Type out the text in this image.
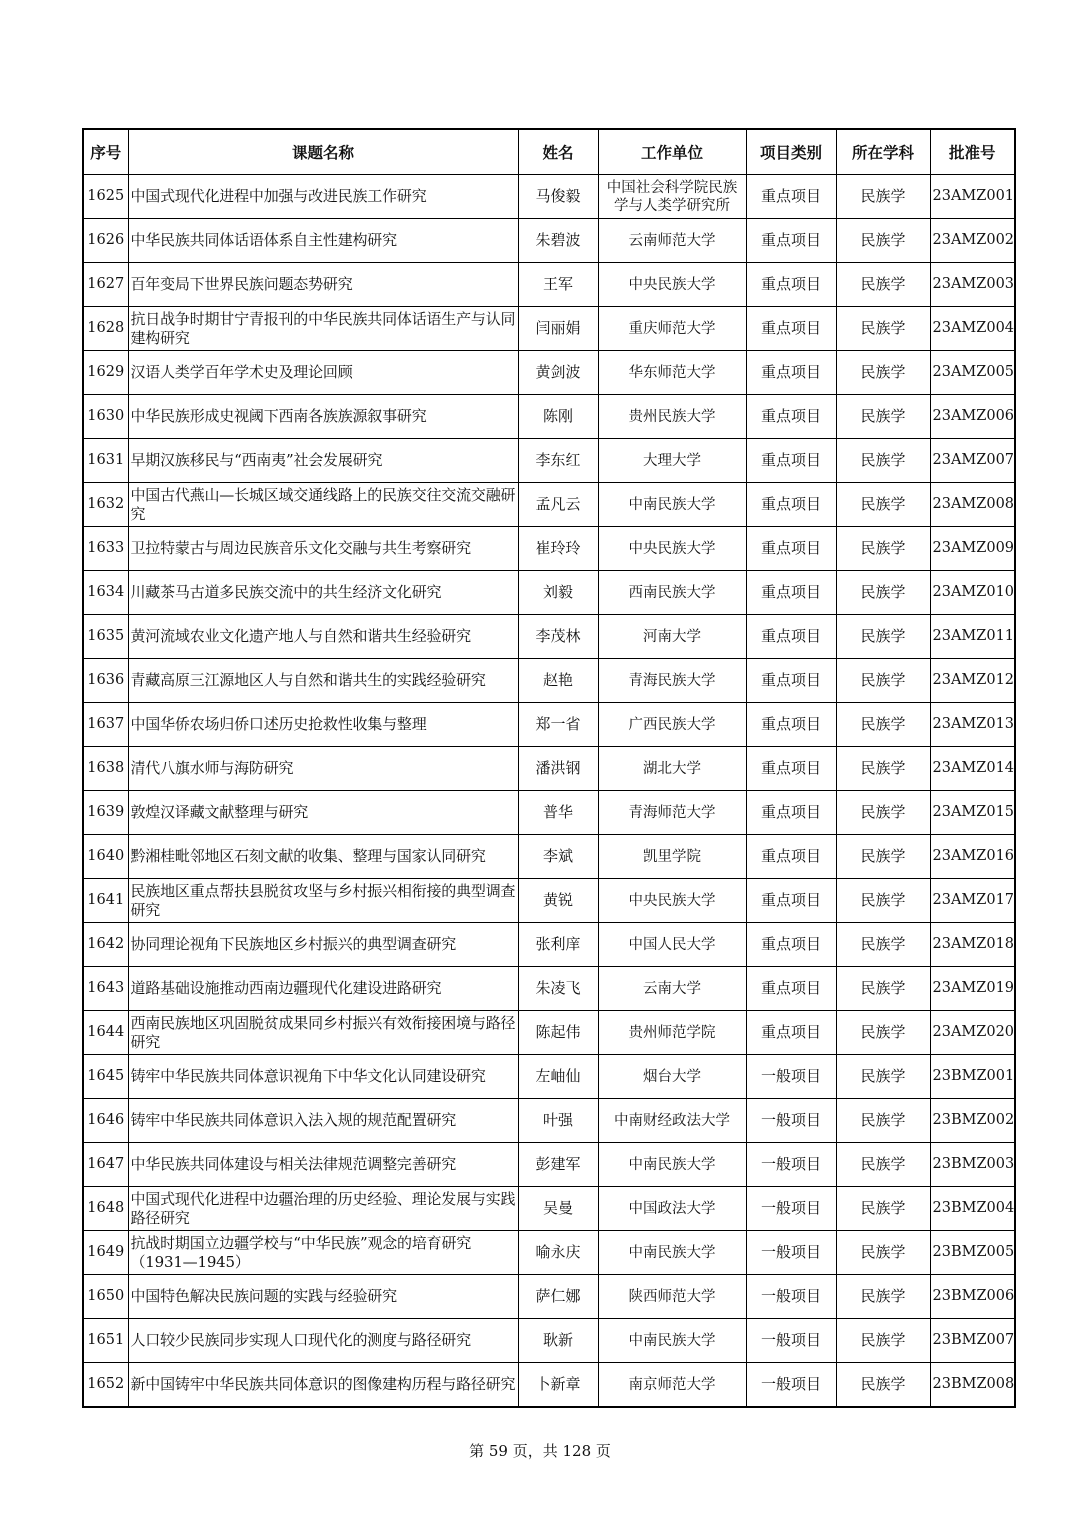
序号	课题名称	姓名	工作单位	项目类别	所在学科	批准号
1625	中国式现代化进程中加强与改进民族工作研究	马俊毅	中国社会科学院民族学与人类学研究所	重点项目	民族学	23AMZ001
1626	中华民族共同体话语体系自主性建构研究	朱碧波	云南师范大学	重点项目	民族学	23AMZ002
1627	百年变局下世界民族问题态势研究	王军	中央民族大学	重点项目	民族学	23AMZ003
1628	抗日战争时期甘宁青报刊的中华民族共同体话语生产与认同建构研究	闫丽娟	重庆师范大学	重点项目	民族学	23AMZ004
1629	汉语人类学百年学术史及理论回顾	黄剑波	华东师范大学	重点项目	民族学	23AMZ005
1630	中华民族形成史视阈下西南各族族源叙事研究	陈刚	贵州民族大学	重点项目	民族学	23AMZ006
1631	早期汉族移民与“西南夷”社会发展研究	李东红	大理大学	重点项目	民族学	23AMZ007
1632	中国古代燕山—长城区域交通线路上的民族交往交流交融研究	孟凡云	中南民族大学	重点项目	民族学	23AMZ008
1633	卫拉特蒙古与周边民族音乐文化交融与共生考察研究	崔玲玲	中央民族大学	重点项目	民族学	23AMZ009
1634	川藏茶马古道多民族交流中的共生经济文化研究	刘毅	西南民族大学	重点项目	民族学	23AMZ010
1635	黄河流域农业文化遗产地人与自然和谐共生经验研究	李茂林	河南大学	重点项目	民族学	23AMZ011
1636	青藏高原三江源地区人与自然和谐共生的实践经验研究	赵艳	青海民族大学	重点项目	民族学	23AMZ012
1637	中国华侨农场归侨口述历史抢救性收集与整理	郑一省	广西民族大学	重点项目	民族学	23AMZ013
1638	清代八旗水师与海防研究	潘洪钢	湖北大学	重点项目	民族学	23AMZ014
1639	敦煌汉译藏文献整理与研究	普华	青海师范大学	重点项目	民族学	23AMZ015
1640	黔湘桂毗邻地区石刻文献的收集、整理与国家认同研究	李斌	凯里学院	重点项目	民族学	23AMZ016
1641	民族地区重点帮扶县脱贫攻坚与乡村振兴相衔接的典型调查研究	黄锐	中央民族大学	重点项目	民族学	23AMZ017
1642	协同理论视角下民族地区乡村振兴的典型调查研究	张利庠	中国人民大学	重点项目	民族学	23AMZ018
1643	道路基础设施推动西南边疆现代化建设进路研究	朱凌飞	云南大学	重点项目	民族学	23AMZ019
1644	西南民族地区巩固脱贫成果同乡村振兴有效衔接困境与路径研究	陈起伟	贵州师范学院	重点项目	民族学	23AMZ020
1645	铸牢中华民族共同体意识视角下中华文化认同建设研究	左岫仙	烟台大学	一般项目	民族学	23BMZ001
1646	铸牢中华民族共同体意识入法入规的规范配置研究	叶强	中南财经政法大学	一般项目	民族学	23BMZ002
1647	中华民族共同体建设与相关法律规范调整完善研究	彭建军	中南民族大学	一般项目	民族学	23BMZ003
1648	中国式现代化进程中边疆治理的历史经验、理论发展与实践路径研究	吴曼	中国政法大学	一般项目	民族学	23BMZ004
1649	抗战时期国立边疆学校与“中华民族”观念的培育研究（1931—1945）	喻永庆	中南民族大学	一般项目	民族学	23BMZ005
1650	中国特色解决民族问题的实践与经验研究	萨仁娜	陕西师范大学	一般项目	民族学	23BMZ006
1651	人口较少民族同步实现人口现代化的测度与路径研究	耿新	中南民族大学	一般项目	民族学	23BMZ007
1652	新中国铸牢中华民族共同体意识的图像建构历程与路径研究	卜新章	南京师范大学	一般项目	民族学	23BMZ008
第 59 页，共 128 页
